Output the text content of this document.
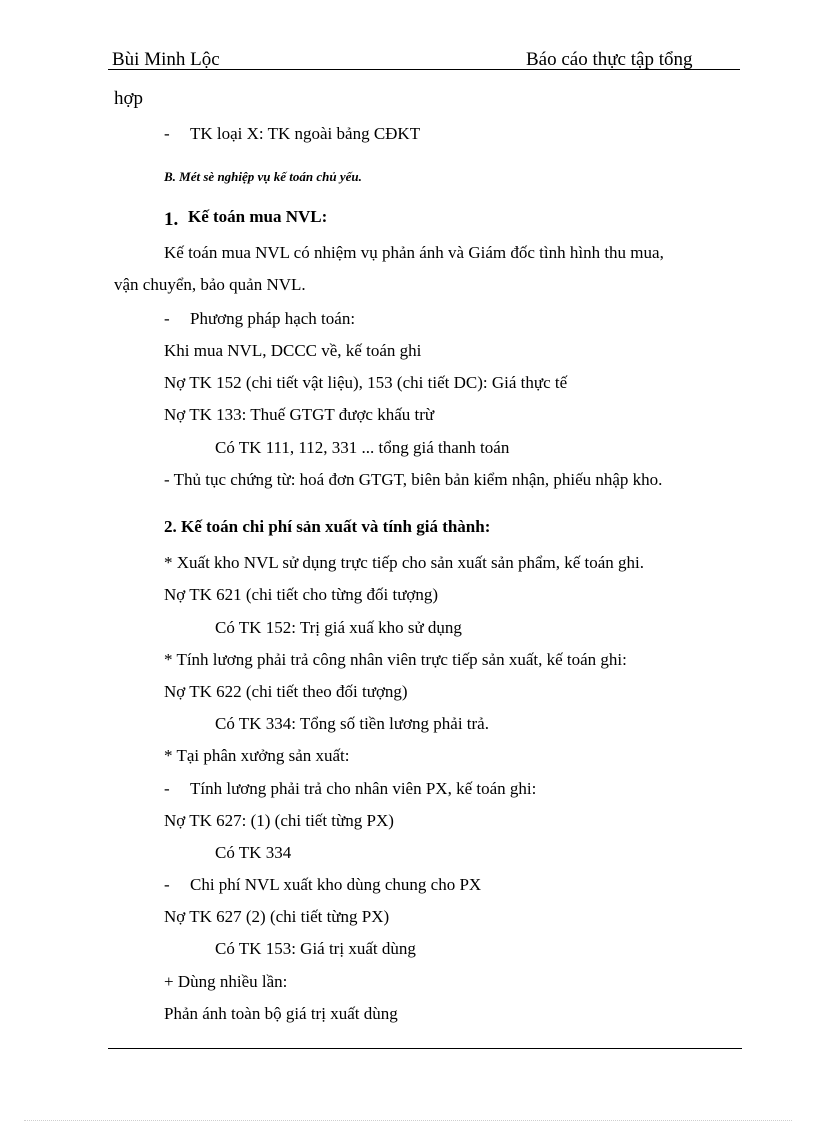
Bùi Minh Lộc	Báo cáo thực tập tổng
hợp
- TK loại X: TK ngoài bảng CĐKT
B. Mét sè nghiệp vụ kế toán chủ yếu.
1. Kế toán mua NVL:
Kế toán mua NVL có nhiệm vụ phản ánh và Giám đốc tình hình thu mua,
vận chuyển, bảo quản NVL.
- Phương pháp hạch toán:
Khi mua NVL, DCCC về, kế toán ghi
Nợ TK 152 (chi tiết vật liệu), 153 (chi tiết DC): Giá thực tế
Nợ TK 133: Thuế GTGT được khấu trừ
Có TK 111, 112, 331 ... tổng giá thanh toán
- Thủ tục chứng từ: hoá đơn GTGT, biên bản kiểm nhận, phiếu nhập kho.
2. Kế toán chi phí sản xuất và tính giá thành:
* Xuất kho NVL sử dụng trực tiếp cho sản xuất sản phẩm, kế toán ghi.
Nợ TK 621 (chi tiết cho từng đối tượng)
Có TK 152: Trị giá xuấ kho sử dụng
* Tính lương phải trả công nhân viên trực tiếp sản xuất, kế toán ghi:
Nợ TK 622 (chi tiết theo đối tượng)
Có TK 334: Tổng số tiền lương phải trả.
* Tại phân xưởng sản xuất:
- Tính lương phải trả cho nhân viên PX, kế toán ghi:
Nợ TK 627: (1) (chi tiết từng PX)
Có TK 334
- Chi phí NVL xuất kho dùng chung cho PX
Nợ TK 627 (2) (chi tiết từng PX)
Có TK 153: Giá trị xuất dùng
+ Dùng nhiều lần:
Phản ánh toàn bộ giá trị xuất dùng
